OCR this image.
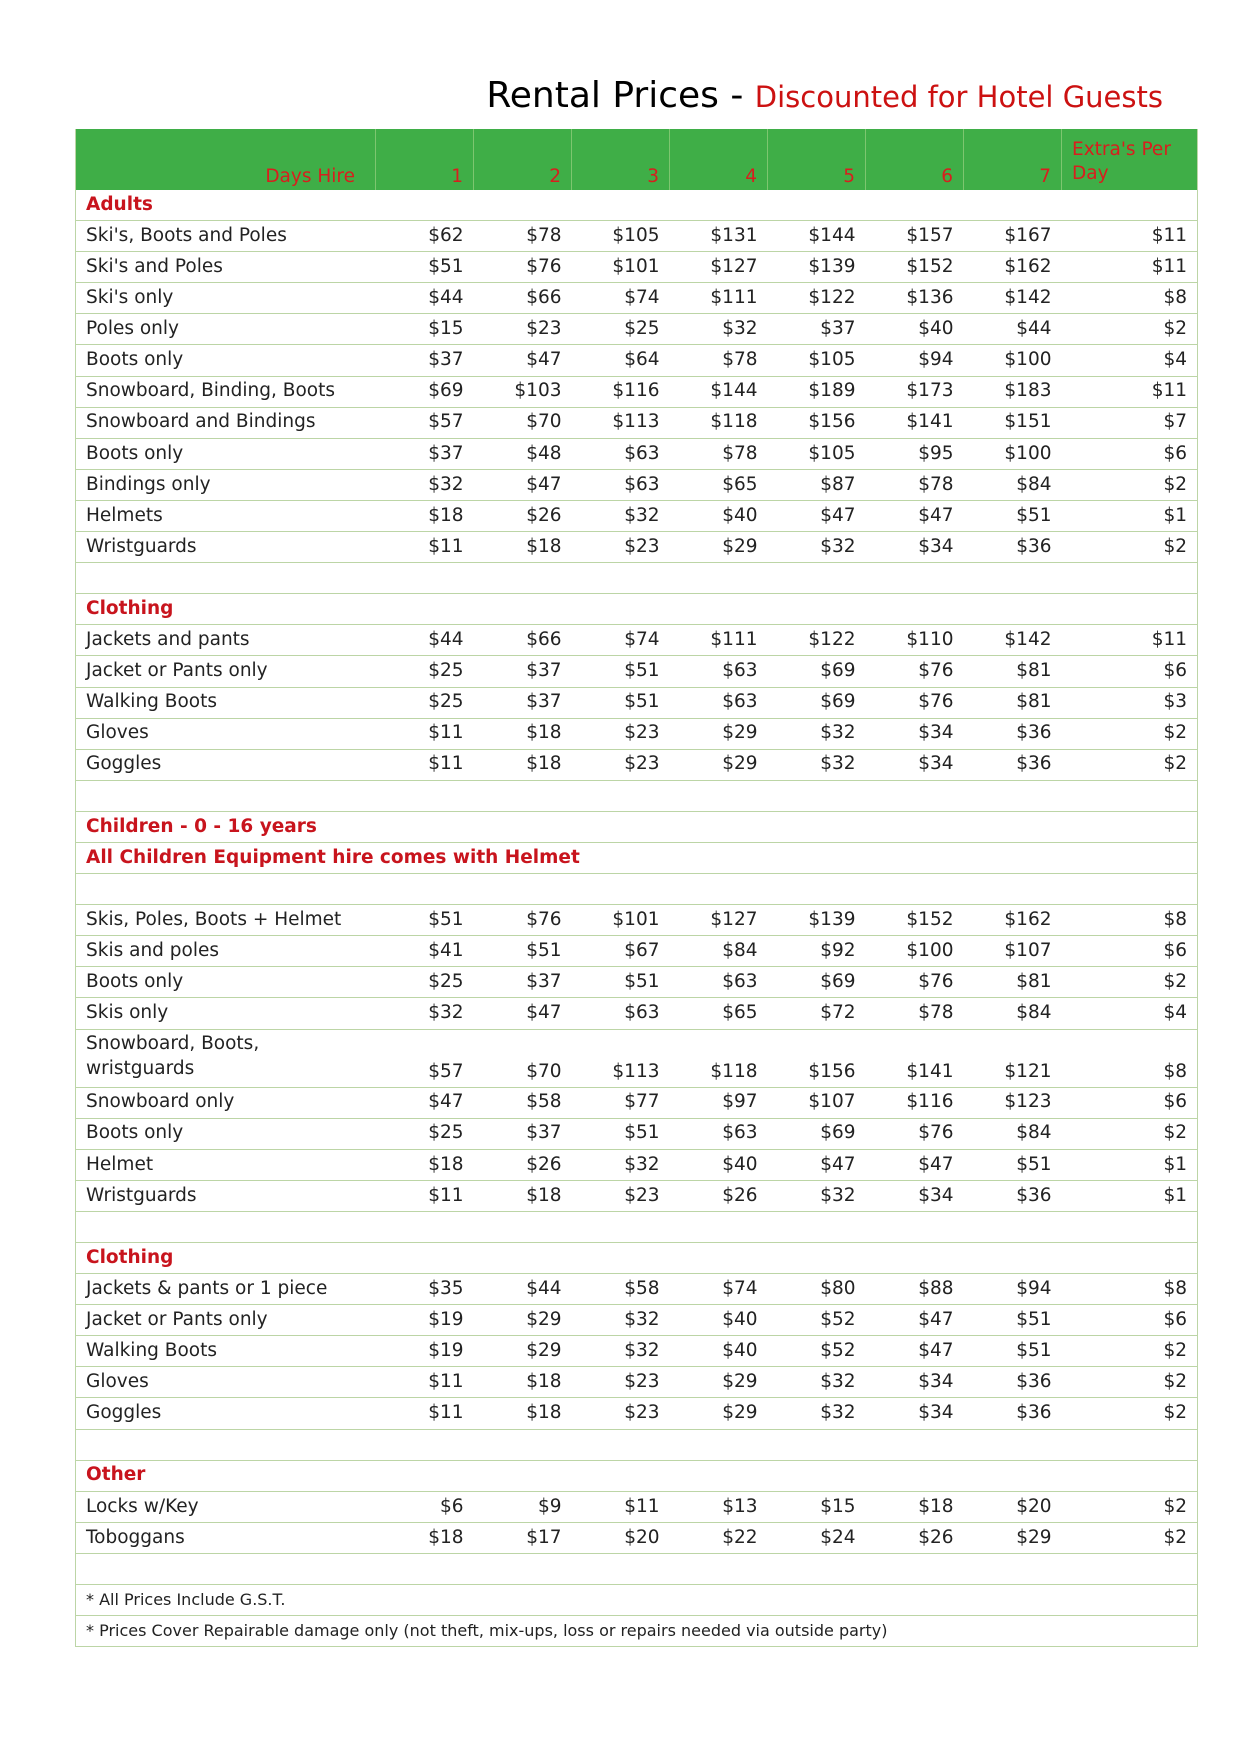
Rental Prices - Discounted for Hotel Guests
Days Hire	1	2	3	4	5	6	7	Extra's Per Day
Adults								
Ski's, Boots and Poles	$62	$78	$105	$131	$144	$157	$167	$11
Ski's and Poles	$51	$76	$101	$127	$139	$152	$162	$11
Ski's only	$44	$66	$74	$111	$122	$136	$142	$8
Poles only	$15	$23	$25	$32	$37	$40	$44	$2
Boots only	$37	$47	$64	$78	$105	$94	$100	$4
Snowboard, Binding, Boots	$69	$103	$116	$144	$189	$173	$183	$11
Snowboard and Bindings	$57	$70	$113	$118	$156	$141	$151	$7
Boots only	$37	$48	$63	$78	$105	$95	$100	$6
Bindings only	$32	$47	$63	$65	$87	$78	$84	$2
Helmets	$18	$26	$32	$40	$47	$47	$51	$1
Wristguards	$11	$18	$23	$29	$32	$34	$36	$2

Clothing								
Jackets and pants	$44	$66	$74	$111	$122	$110	$142	$11
Jacket or Pants only	$25	$37	$51	$63	$69	$76	$81	$6
Walking Boots	$25	$37	$51	$63	$69	$76	$81	$3
Gloves	$11	$18	$23	$29	$32	$34	$36	$2
Goggles	$11	$18	$23	$29	$32	$34	$36	$2

Children - 0 - 16 years								
All Children Equipment hire comes with Helmet								

Skis, Poles, Boots + Helmet	$51	$76	$101	$127	$139	$152	$162	$8
Skis and poles	$41	$51	$67	$84	$92	$100	$107	$6
Boots only	$25	$37	$51	$63	$69	$76	$81	$2
Skis only	$32	$47	$63	$65	$72	$78	$84	$4
Snowboard, Boots, wristguards	$57	$70	$113	$118	$156	$141	$121	$8
Snowboard only	$47	$58	$77	$97	$107	$116	$123	$6
Boots only	$25	$37	$51	$63	$69	$76	$84	$2
Helmet	$18	$26	$32	$40	$47	$47	$51	$1
Wristguards	$11	$18	$23	$26	$32	$34	$36	$1

Clothing								
Jackets & pants or 1 piece	$35	$44	$58	$74	$80	$88	$94	$8
Jacket or Pants only	$19	$29	$32	$40	$52	$47	$51	$6
Walking Boots	$19	$29	$32	$40	$52	$47	$51	$2
Gloves	$11	$18	$23	$29	$32	$34	$36	$2
Goggles	$11	$18	$23	$29	$32	$34	$36	$2

Other								
Locks w/Key	$6	$9	$11	$13	$15	$18	$20	$2
Toboggans	$18	$17	$20	$22	$24	$26	$29	$2

* All Prices Include G.S.T.								
* Prices Cover Repairable damage only (not theft, mix-ups, loss or repairs needed via outside party)								
